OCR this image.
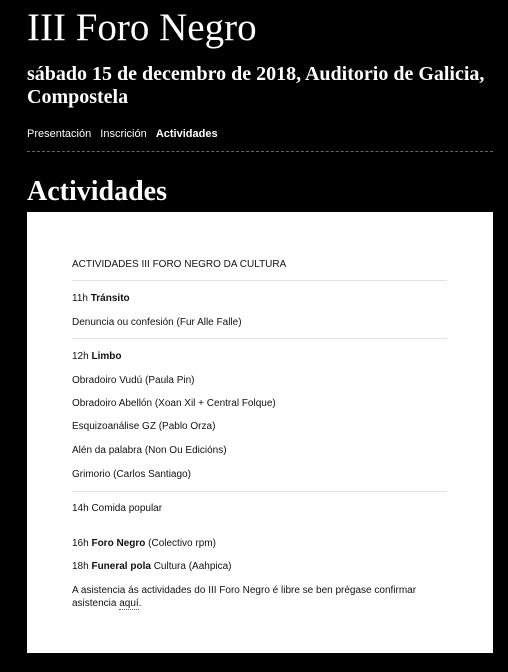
III Foro Negro

sábado 15 de decembro de 2018, Auditorio de Galicia, Compostela

Presentación Inscrición Actividades
Actividades
ACTIVIDADES III FORO NEGRO DA CULTURA
11h Tránsito
Denuncia ou confesión (Fur Alle Falle)
12h Limbo
Obradoiro Vudú (Paula Pin)
Obradoiro Abellón (Xoan Xil + Central Folque)
Esquizoanálise GZ (Pablo Orza)
Alén da palabra (Non Ou Edicións)
Grimorio (Carlos Santiago)
14h Comida popular
16h Foro Negro (Colectivo rpm)
18h Funeral pola Cultura (Aahpica)
A asistencia ás actividades do III Foro Negro é libre se ben prégase confirmar asistencia aquí.
